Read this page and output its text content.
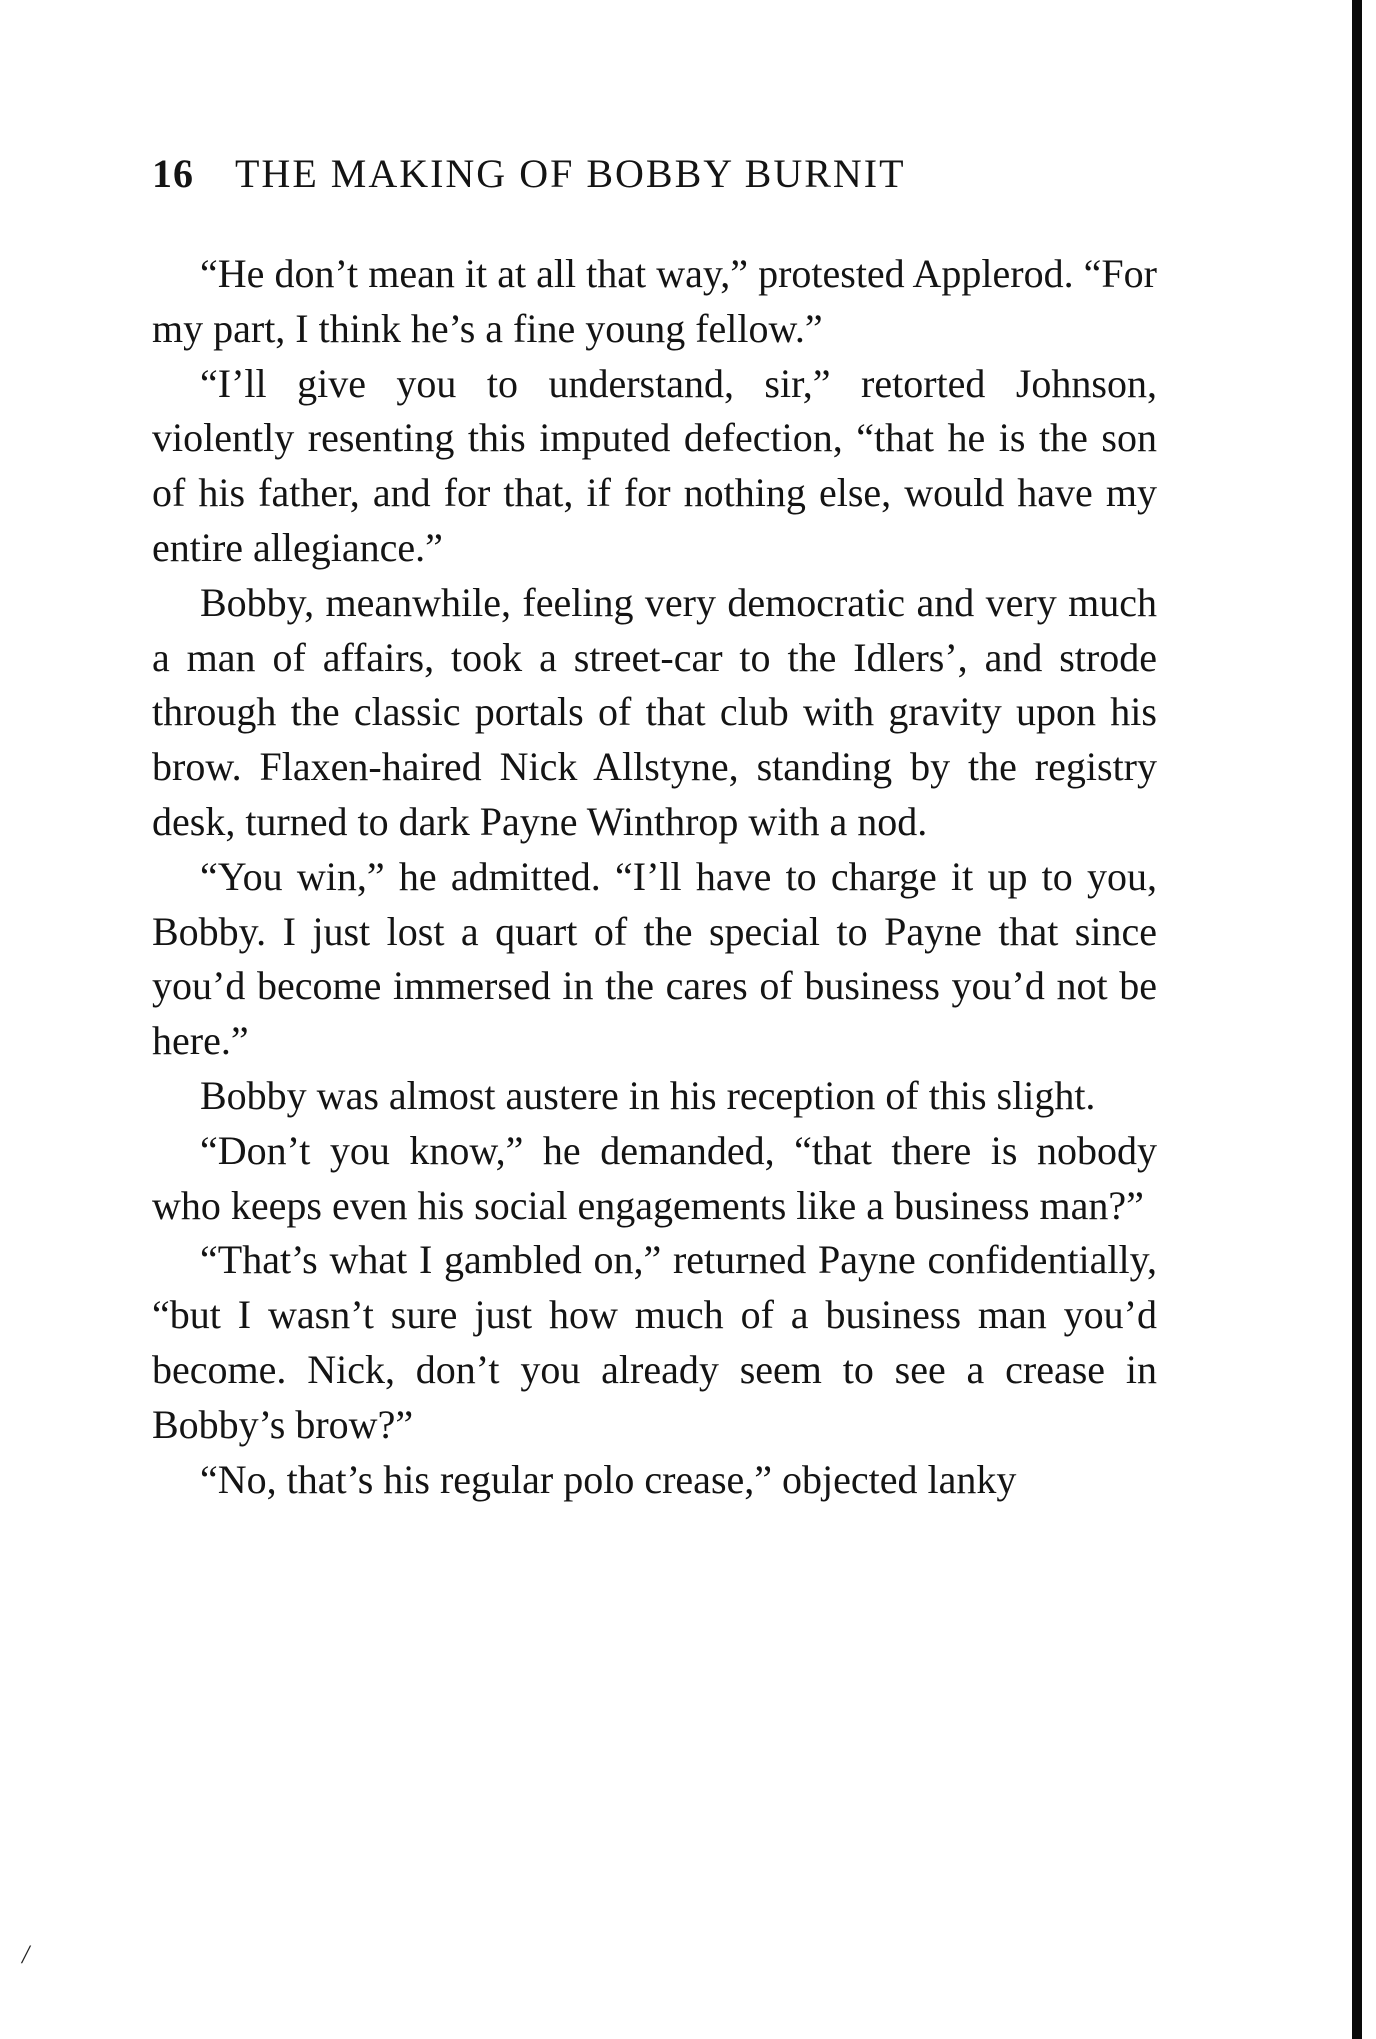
16 THE MAKING OF BOBBY BURNIT

“He don’t mean it at all that way,” protested Applerod. “For my part, I think he’s a fine young fellow.”

“I’ll give you to understand, sir,” retorted Johnson, violently resenting this imputed defection, “that he is the son of his father, and for that, if for nothing else, would have my entire allegiance.”

Bobby, meanwhile, feeling very democratic and very much a man of affairs, took a street-car to the Idlers’, and strode through the classic portals of that club with gravity upon his brow. Flaxen-haired Nick Allstyne, standing by the registry desk, turned to dark Payne Winthrop with a nod.

“You win,” he admitted. “I’ll have to charge it up to you, Bobby. I just lost a quart of the special to Payne that since you’d become immersed in the cares of business you’d not be here.”

Bobby was almost austere in his reception of this slight.

“Don’t you know,” he demanded, “that there is nobody who keeps even his social engagements like a business man?”

“That’s what I gambled on,” returned Payne confidentially, “but I wasn’t sure just how much of a business man you’d become. Nick, don’t you already seem to see a crease in Bobby’s brow?”

“No, that’s his regular polo crease,” objected lanky

/
